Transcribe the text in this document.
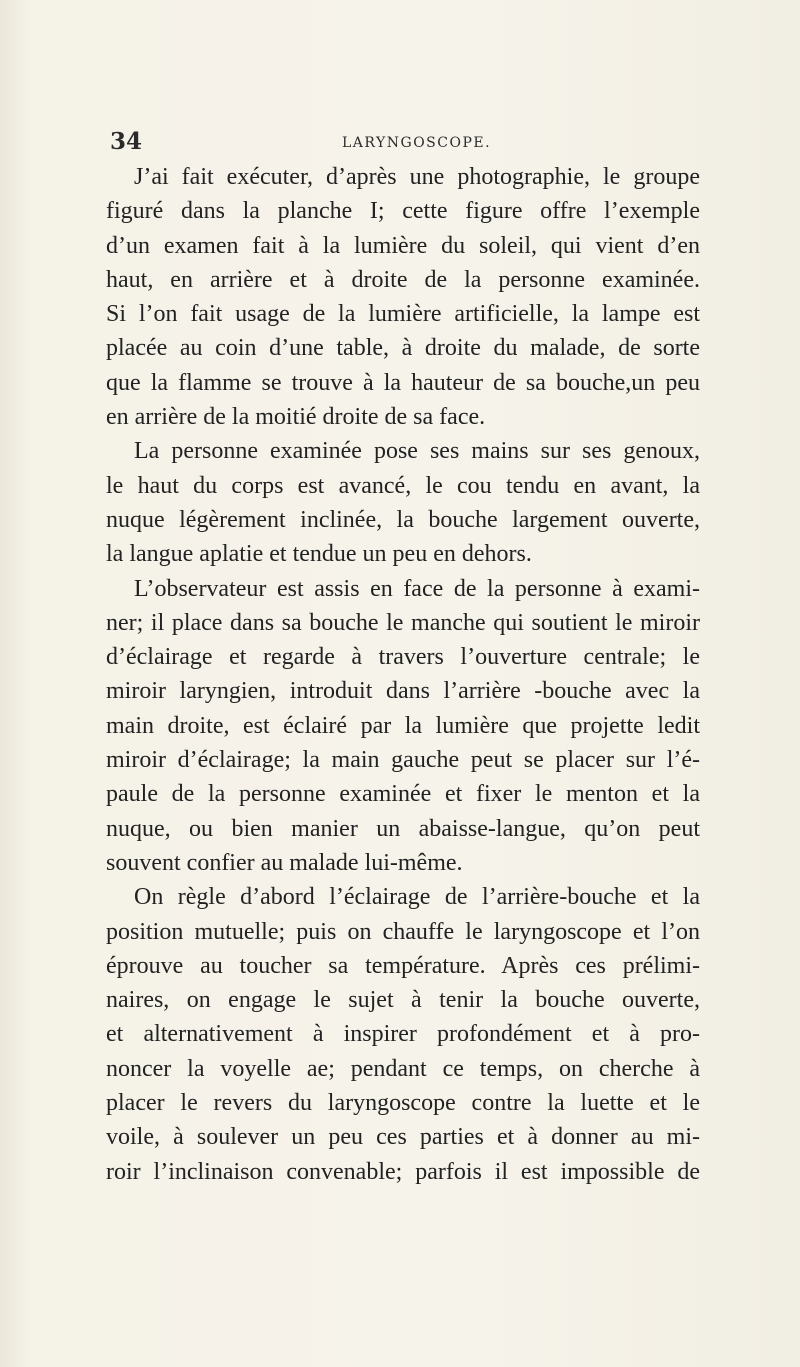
34	LARYNGOSCOPE.
J’ai fait exécuter, d’après une photographie, le groupe
figuré dans la planche I; cette figure offre l’exemple
d’un examen fait à la lumière du soleil, qui vient d’en
haut, en arrière et à droite de la personne examinée.
Si l’on fait usage de la lumière artificielle, la lampe est
placée au coin d’une table, à droite du malade, de sorte
que la flamme se trouve à la hauteur de sa bouche,un peu
en arrière de la moitié droite de sa face.
La personne examinée pose ses mains sur ses genoux,
le haut du corps est avancé, le cou tendu en avant, la
nuque légèrement inclinée, la bouche largement ouverte,
la langue aplatie et tendue un peu en dehors.
L’observateur est assis en face de la personne à exami-
ner; il place dans sa bouche le manche qui soutient le miroir
d’éclairage et regarde à travers l’ouverture centrale; le
miroir laryngien, introduit dans l’arrière -bouche avec la
main droite, est éclairé par la lumière que projette ledit
miroir d’éclairage; la main gauche peut se placer sur l’é-
paule de la personne examinée et fixer le menton et la
nuque, ou bien manier un abaisse-langue, qu’on peut
souvent confier au malade lui-même.
On règle d’abord l’éclairage de l’arrière-bouche et la
position mutuelle; puis on chauffe le laryngoscope et l’on
éprouve au toucher sa température. Après ces prélimi-
naires, on engage le sujet à tenir la bouche ouverte,
et alternativement à inspirer profondément et à pro-
noncer la voyelle ae; pendant ce temps, on cherche à
placer le revers du laryngoscope contre la luette et le
voile, à soulever un peu ces parties et à donner au mi-
roir l’inclinaison convenable; parfois il est impossible de
